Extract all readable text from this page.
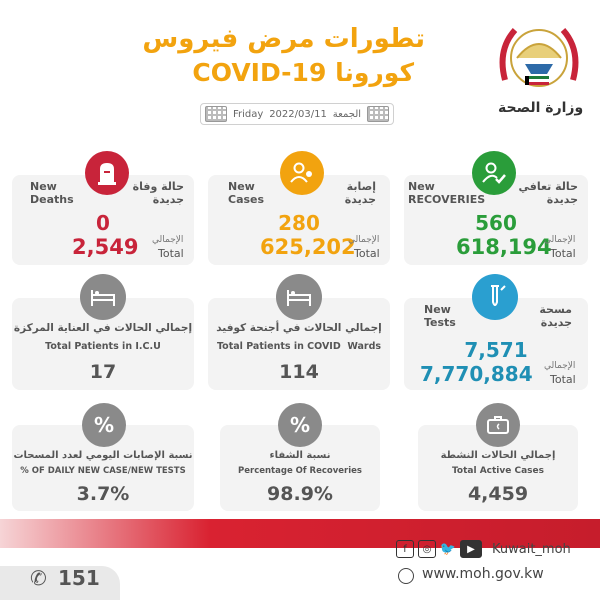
تطورات مرض فيروس
COVID-19 كورونا
وزارة الصحة
Friday 2022/03/11 الجمعة
New Deaths
حالة وفاة جديدة
0
2,549 الإجمالي
Total
New Cases
إصابة جديدة
280
625,202
الإجمالي
Total
New RECOVERIES
حالة تعافي جديدة
560
618,194
الإجمالي
Total
إجمالي الحالات في العناية المركزة
Total Patients in I.C.U
17
إجمالي الحالات في أجنحة كوفيد
Total Patients in COVID  Wards
114
New Tests
مسحة جديدة
7,571
7,770,884 الإجمالي
Total
%
نسبة الإصابات اليومي لعدد المسحات
% OF DAILY NEW CASE/NEW TESTS
3.7%
%
نسبة الشفاء
Percentage Of Recoveries
98.9%
إجمالي الحالات النشطة
Total Active Cases
4,459
✆ 151
f	◎ 🐦	▶	Kuwait_moh
www.moh.gov.kw
